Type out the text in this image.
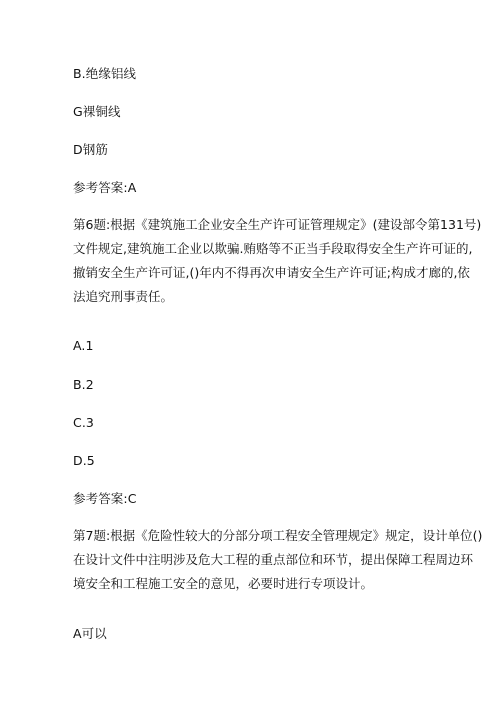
B.绝缘铝线
G裸铜线
D钢筋
参考答案:A
第6题:根据《建筑施工企业安全生产许可证管理规定》(建设部令第131号)
文件规定,建筑施工企业以欺骗.贿赂等不正当手段取得安全生产许可证的,
撤销安全生产许可证,()年内不得再次申请安全生产许可证;构成才廊的,依
法追究刑事责任。
A.1
B.2
C.3
D.5
参考答案:C
第7题:根据《危险性较大的分部分项工程安全管理规定》规定，设计单位()
在设计文件中注明涉及危大工程的重点部位和环节，提出保障工程周边环
境安全和工程施工安全的意见，必要时进行专项设计。
A可以
